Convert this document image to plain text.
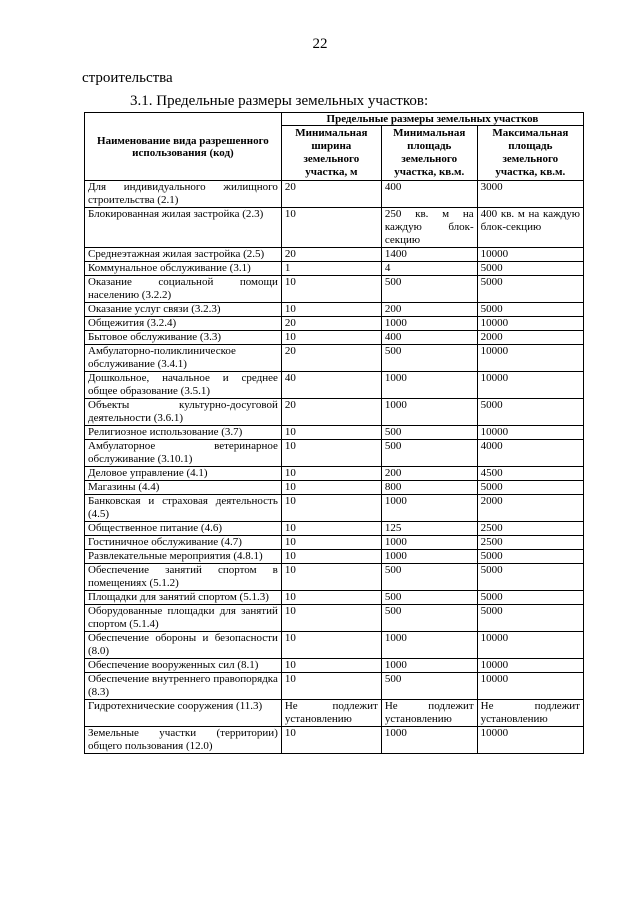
22
строительства
3.1. Предельные размеры земельных участков:
Наименование вида разрешенного использования (код)	Предельные размеры земельных участков		
	Минимальная ширина земельного участка, м	Минимальная площадь земельного участка, кв.м.	Максимальная площадь земельного участка, кв.м.
Для индивидуального жилищного строительства (2.1)	20	400	3000
Блокированная жилая застройка (2.3)	10	250 кв. м на каждую блок-секцию	400 кв. м на каждую блок-секцию
Среднеэтажная жилая застройка (2.5)	20	1400	10000
Коммунальное обслуживание (3.1)	1	4	5000
Оказание социальной помощи населению (3.2.2)	10	500	5000
Оказание услуг связи (3.2.3)	10	200	5000
Общежития (3.2.4)	20	1000	10000
Бытовое обслуживание (3.3)	10	400	2000
Амбулаторно-поликлиническое обслуживание (3.4.1)	20	500	10000
Дошкольное, начальное и среднее общее образование (3.5.1)	40	1000	10000
Объекты культурно-досуговой деятельности (3.6.1)	20	1000	5000
Религиозное использование (3.7)	10	500	10000
Амбулаторное ветеринарное обслуживание (3.10.1)	10	500	4000
Деловое управление (4.1)	10	200	4500
Магазины (4.4)	10	800	5000
Банковская и страховая деятельность (4.5)	10	1000	2000
Общественное питание (4.6)	10	125	2500
Гостиничное обслуживание (4.7)	10	1000	2500
Развлекательные мероприятия (4.8.1)	10	1000	5000
Обеспечение занятий спортом в помещениях (5.1.2)	10	500	5000
Площадки для занятий спортом (5.1.3)	10	500	5000
Оборудованные площадки для занятий спортом (5.1.4)	10	500	5000
Обеспечение обороны и безопасности (8.0)	10	1000	10000
Обеспечение вооруженных сил (8.1)	10	1000	10000
Обеспечение внутреннего правопорядка (8.3)	10	500	10000
Гидротехнические сооружения (11.3)	Не подлежит установлению	Не подлежит установлению	Не подлежит установлению
Земельные участки (территории) общего пользования (12.0)	10	1000	10000
